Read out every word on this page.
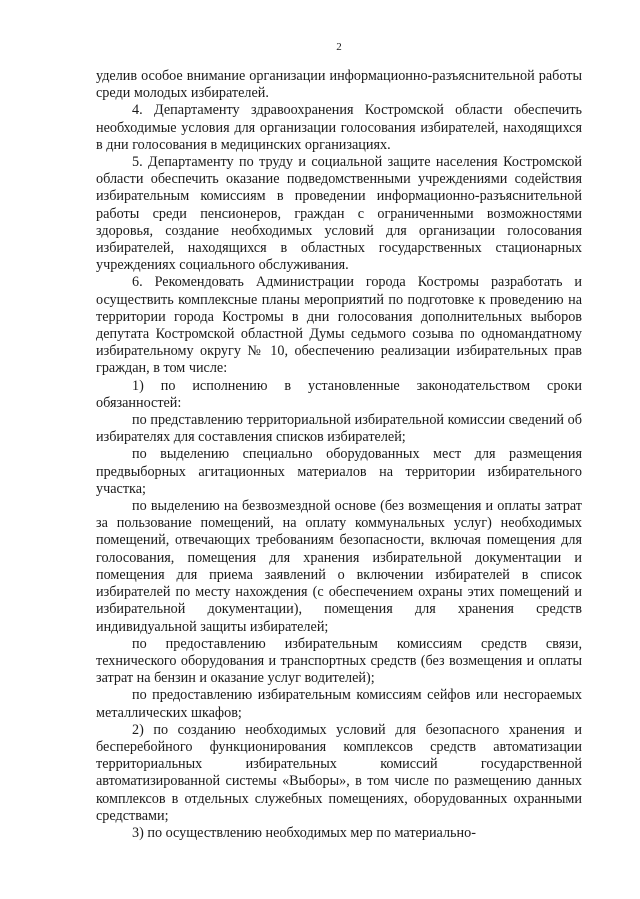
2

уделив особое внимание организации информационно-разъяснительной работы среди молодых избирателей.

4. Департаменту здравоохранения Костромской области обеспечить необходимые условия для организации голосования избирателей, находящихся в дни голосования в медицинских организациях.

5. Департаменту по труду и социальной защите населения Костромской области обеспечить оказание подведомственными учреждениями содействия избирательным комиссиям в проведении информационно-разъяснительной работы среди пенсионеров, граждан с ограниченными возможностями здоровья, создание необходимых условий для организации голосования избирателей, находящихся в областных государственных стационарных учреждениях социального обслуживания.

6. Рекомендовать Администрации города Костромы разработать и осуществить комплексные планы мероприятий по подготовке к проведению на территории города Костромы в дни голосования дополнительных выборов депутата Костромской областной Думы седьмого созыва по одномандатному избирательному округу № 10, обеспечению реализации избирательных прав граждан, в том числе:

1) по исполнению в установленные законодательством сроки обязанностей:

по представлению территориальной избирательной комиссии сведений об избирателях для составления списков избирателей;

по выделению специально оборудованных мест для размещения предвыборных агитационных материалов на территории избирательного участка;

по выделению на безвозмездной основе (без возмещения и оплаты затрат за пользование помещений, на оплату коммунальных услуг) необходимых помещений, отвечающих требованиям безопасности, включая помещения для голосования, помещения для хранения избирательной документации и помещения для приема заявлений о включении избирателей в список избирателей по месту нахождения (с обеспечением охраны этих помещений и избирательной документации), помещения для хранения средств индивидуальной защиты избирателей;

по предоставлению избирательным комиссиям средств связи, технического оборудования и транспортных средств (без возмещения и оплаты затрат на бензин и оказание услуг водителей);

по предоставлению избирательным комиссиям сейфов или несгораемых металлических шкафов;

2) по созданию необходимых условий для безопасного хранения и бесперебойного функционирования комплексов средств автоматизации территориальных избирательных комиссий государственной автоматизированной системы «Выборы», в том числе по размещению данных комплексов в отдельных служебных помещениях, оборудованных охранными средствами;

3) по осуществлению необходимых мер по материально-
